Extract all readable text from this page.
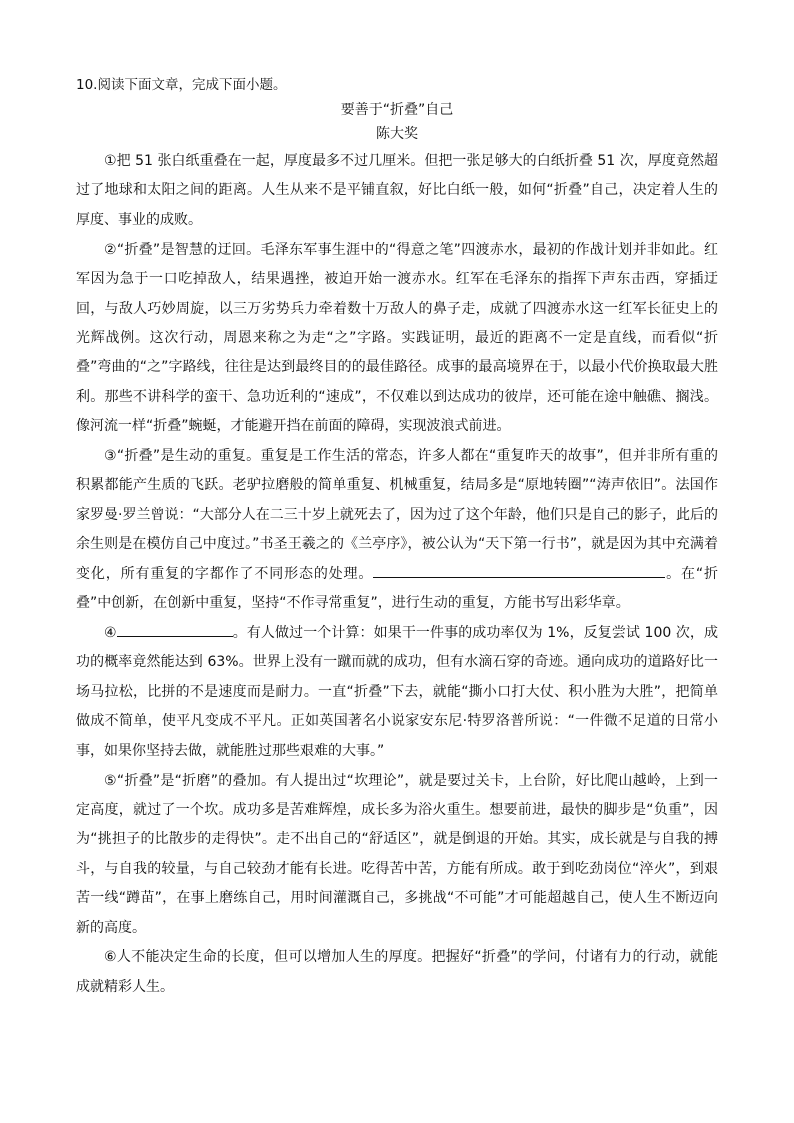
10.阅读下面文章，完成下面小题。

要善于“折叠”自己

陈大奖

①把 51 张白纸重叠在一起，厚度最多不过几厘米。但把一张足够大的白纸折叠 51 次，厚度竟然超过了地球和太阳之间的距离。人生从来不是平铺直叙，好比白纸一般，如何“折叠”自己，决定着人生的厚度、事业的成败。

②“折叠”是智慧的迂回。毛泽东军事生涯中的“得意之笔”四渡赤水，最初的作战计划并非如此。红军因为急于一口吃掉敌人，结果遇挫，被迫开始一渡赤水。红军在毛泽东的指挥下声东击西，穿插迂回，与敌人巧妙周旋，以三万劣势兵力牵着数十万敌人的鼻子走，成就了四渡赤水这一红军长征史上的光辉战例。这次行动，周恩来称之为走“之”字路。实践证明，最近的距离不一定是直线，而看似“折叠”弯曲的“之”字路线，往往是达到最终目的的最佳路径。成事的最高境界在于，以最小代价换取最大胜利。那些不讲科学的蛮干、急功近利的“速成”，不仅难以到达成功的彼岸，还可能在途中触礁、搁浅。像河流一样“折叠”蜿蜒，才能避开挡在前面的障碍，实现波浪式前进。

③“折叠”是生动的重复。重复是工作生活的常态，许多人都在“重复昨天的故事”，但并非所有重的积累都能产生质的飞跃。老驴拉磨般的简单重复、机械重复，结局多是“原地转圈”“涛声依旧”。法国作家罗曼·罗兰曾说：“大部分人在二三十岁上就死去了，因为过了这个年龄，他们只是自己的影子，此后的余生则是在模仿自己中度过。”书圣王羲之的《兰亭序》，被公认为“天下第一行书”，就是因为其中充满着变化，所有重复的字都作了不同形态的处理。	。在“折叠”中创新，在创新中重复，坚持“不作寻常重复”，进行生动的重复，方能书写出彩华章。

④	。有人做过一个计算：如果干一件事的成功率仅为 1%，反复尝试 100 次，成功的概率竟然能达到 63%。世界上没有一蹴而就的成功，但有水滴石穿的奇迹。通向成功的道路好比一场马拉松，比拼的不是速度而是耐力。一直“折叠”下去，就能“撕小口打大仗、积小胜为大胜”，把简单做成不简单，使平凡变成不平凡。正如英国著名小说家安东尼·特罗洛普所说：“一件微不足道的日常小事，如果你坚持去做，就能胜过那些艰难的大事。”

⑤“折叠”是“折磨”的叠加。有人提出过“坎理论”，就是要过关卡，上台阶，好比爬山越岭，上到一定高度，就过了一个坎。成功多是苦难辉煌，成长多为浴火重生。想要前进，最快的脚步是“负重”，因为“挑担子的比散步的走得快”。走不出自己的“舒适区”，就是倒退的开始。其实，成长就是与自我的搏斗，与自我的较量，与自己较劲才能有长进。吃得苦中苦，方能有所成。敢于到吃劲岗位“淬火”，到艰苦一线“蹲苗”，在事上磨练自己，用时间灌溉自己，多挑战“不可能”才可能超越自己，使人生不断迈向新的高度。

⑥人不能决定生命的长度，但可以增加人生的厚度。把握好“折叠”的学问，付诸有力的行动，就能成就精彩人生。
